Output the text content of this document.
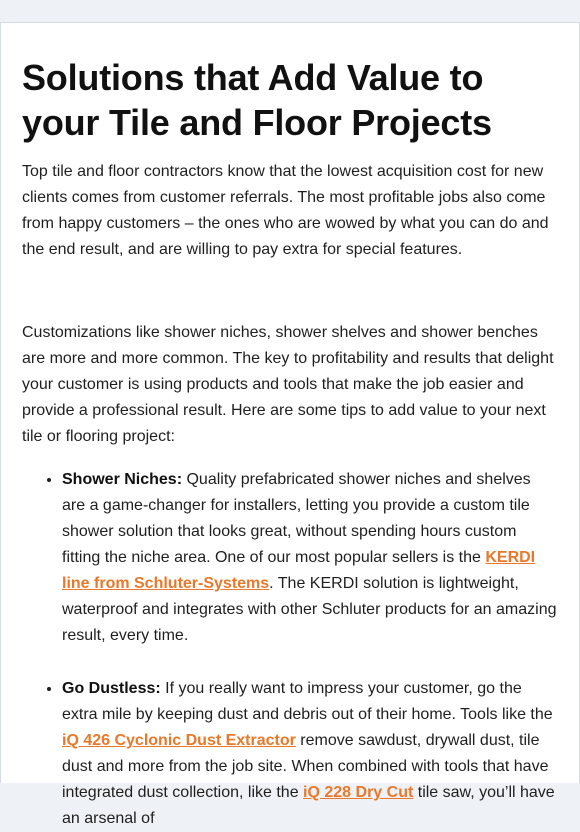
Solutions that Add Value to your Tile and Floor Projects

Top tile and floor contractors know that the lowest acquisition cost for new clients comes from customer referrals. The most profitable jobs also come from happy customers – the ones who are wowed by what you can do and the end result, and are willing to pay extra for special features.

Customizations like shower niches, shower shelves and shower benches are more and more common. The key to profitability and results that delight your customer is using products and tools that make the job easier and provide a professional result. Here are some tips to add value to your next tile or flooring project:

• Shower Niches: Quality prefabricated shower niches and shelves are a game-changer for installers, letting you provide a custom tile shower solution that looks great, without spending hours custom fitting the niche area. One of our most popular sellers is the KERDI line from Schluter-Systems. The KERDI solution is lightweight, waterproof and integrates with other Schluter products for an amazing result, every time.
• Go Dustless: If you really want to impress your customer, go the extra mile by keeping dust and debris out of their home. Tools like the iQ 426 Cyclonic Dust Extractor remove sawdust, drywall dust, tile dust and more from the job site. When combined with tools that have integrated dust collection, like the iQ 228 Dry Cut tile saw, you’ll have an arsenal of
